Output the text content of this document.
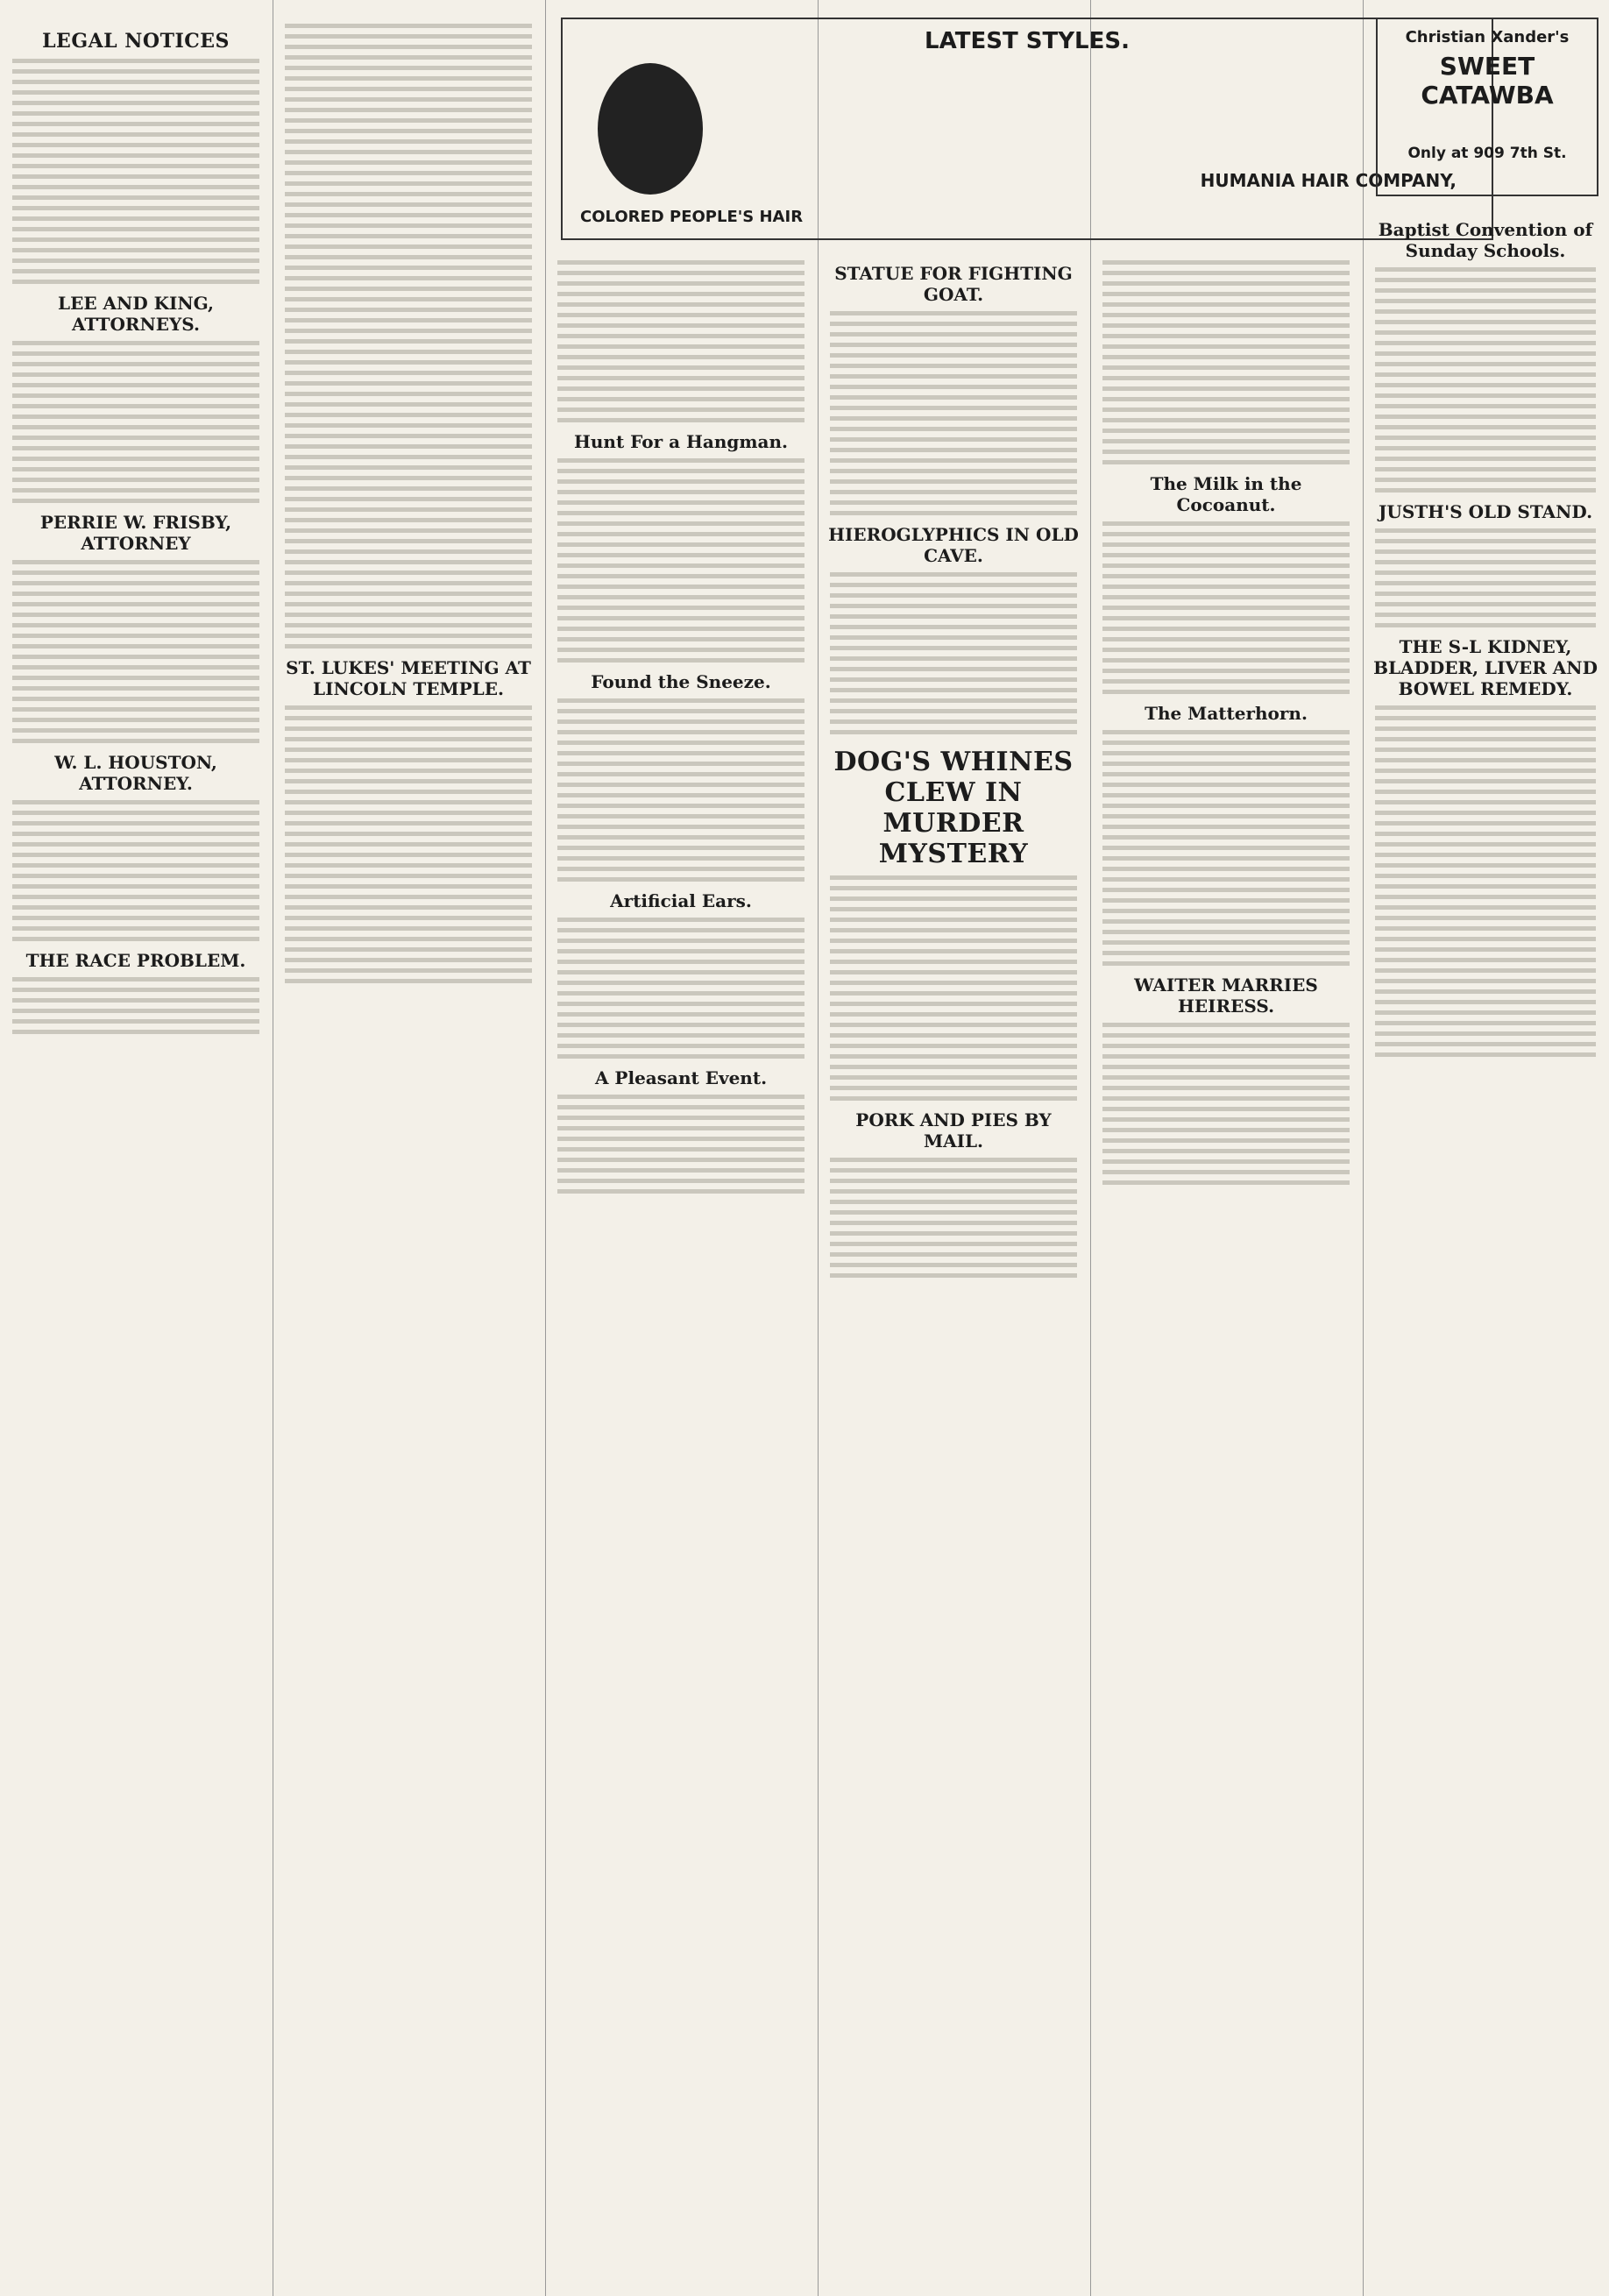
LEGAL NOTICES
LEE AND KING, ATTORNEYS.
PERRIE W. FRISBY, ATTORNEY
W. L. HOUSTON, ATTORNEY.
THE RACE PROBLEM.
ST. LUKES' MEETING AT LINCOLN TEMPLE.
LATEST STYLES.
COLORED PEOPLE'S HAIR
HUMANIA HAIR COMPANY,
Christian Xander's
SWEET CATAWBA
Only at 909 7th St.
Hunt For a Hangman.
Found the Sneeze.
Artificial Ears.
A Pleasant Event.
STATUE FOR FIGHTING GOAT.
HIEROGLYPHICS IN OLD CAVE.
DOG'S WHINES CLEW IN MURDER MYSTERY
PORK AND PIES BY MAIL.
The Milk in the Cocoanut.
The Matterhorn.
WAITER MARRIES HEIRESS.
Baptist Convention of Sunday Schools.
JUSTH'S OLD STAND.
THE S-L KIDNEY, BLADDER, LIVER AND BOWEL REMEDY.
